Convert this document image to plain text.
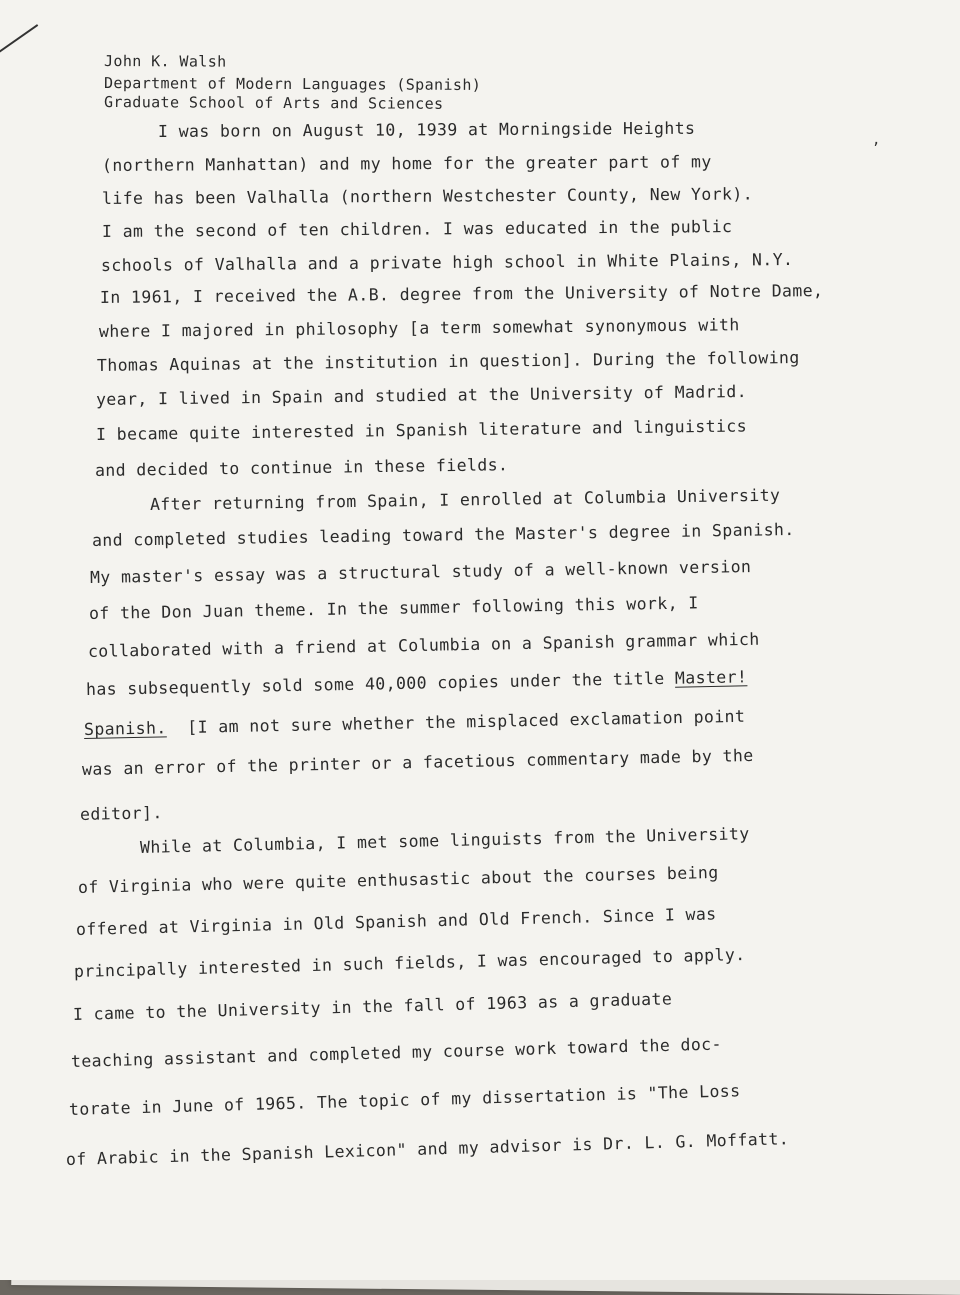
,
John K. Walsh
Department of Modern Languages (Spanish)
Graduate School of Arts and Sciences
I was born on August 10, 1939 at Morningside Heights
(northern Manhattan) and my home for the greater part of my
life has been Valhalla (northern Westchester County, New York).
I am the second of ten children. I was educated in the public
schools of Valhalla and a private high school in White Plains, N.Y.
In 1961, I received the A.B. degree from the University of Notre Dame,
where I majored in philosophy [a term somewhat synonymous with
Thomas Aquinas at the institution in question]. During the following
year, I lived in Spain and studied at the University of Madrid.
I became quite interested in Spanish literature and linguistics
and decided to continue in these fields.
After returning from Spain, I enrolled at Columbia University
and completed studies leading toward the Master's degree in Spanish.
My master's essay was a structural study of a well-known version
of the Don Juan theme. In the summer following this work, I
collaborated with a friend at Columbia on a Spanish grammar which
has subsequently sold some 40,000 copies under the title Master!
Spanish. [I am not sure whether the misplaced exclamation point
was an error of the printer or a facetious commentary made by the
editor].
While at Columbia, I met some linguists from the University
of Virginia who were quite enthusastic about the courses being
offered at Virginia in Old Spanish and Old French. Since I was
principally interested in such fields, I was encouraged to apply.
I came to the University in the fall of 1963 as a graduate
teaching assistant and completed my course work toward the doc-
torate in June of 1965. The topic of my dissertation is "The Loss
of Arabic in the Spanish Lexicon" and my advisor is Dr. L. G. Moffatt.
